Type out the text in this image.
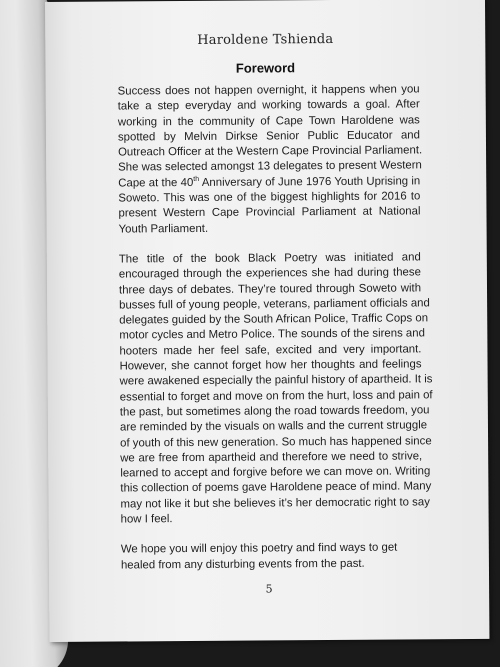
Haroldene Tshienda
Foreword
Success does not happen overnight, it happens when you
take a step everyday and working towards a goal. After
working in the community of Cape Town Haroldene was
spotted by Melvin Dirkse Senior Public Educator and
Outreach Officer at the Western Cape Provincial Parliament.
She was selected amongst 13 delegates to present Western
Cape at the 40th Anniversary of June 1976 Youth Uprising in
Soweto. This was one of the biggest highlights for 2016 to
present Western Cape Provincial Parliament at National
Youth Parliament.
The title of the book Black Poetry was initiated and
encouraged through the experiences she had during these
three days of debates. They’re toured through Soweto with
busses full of young people, veterans, parliament officials and
delegates guided by the South African Police, Traffic Cops on
motor cycles and Metro Police. The sounds of the sirens and
hooters made her feel safe, excited and very important.
However, she cannot forget how her thoughts and feelings
were awakened especially the painful history of apartheid. It is
essential to forget and move on from the hurt, loss and pain of
the past, but sometimes along the road towards freedom, you
are reminded by the visuals on walls and the current struggle
of youth of this new generation. So much has happened since
we are free from apartheid and therefore we need to strive,
learned to accept and forgive before we can move on. Writing
this collection of poems gave Haroldene peace of mind. Many
may not like it but she believes it’s her democratic right to say
how I feel.
We hope you will enjoy this poetry and find ways to get
healed from any disturbing events from the past.
5
